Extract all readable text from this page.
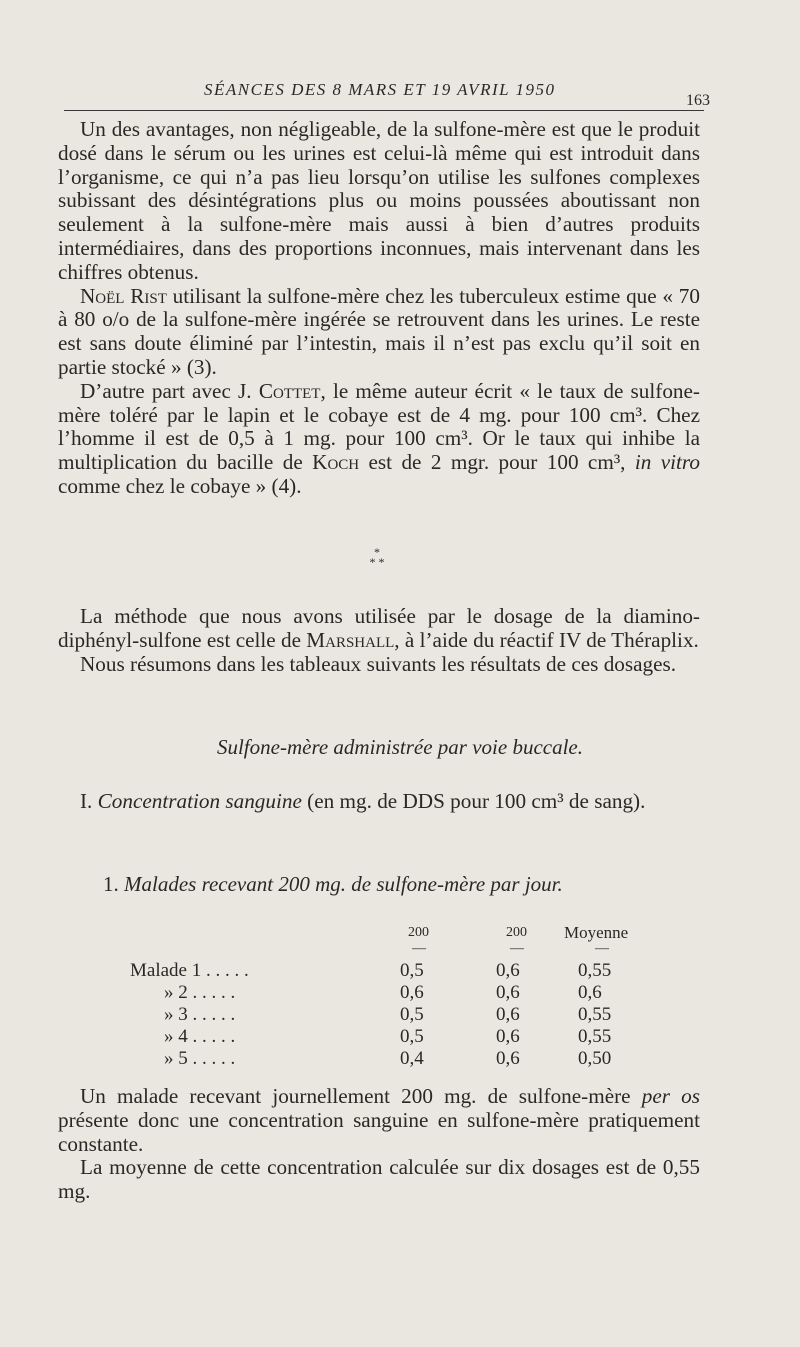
SÉANCES DES 8 MARS ET 19 AVRIL 1950
163

Un des avantages, non négligeable, de la sulfone-mère est que le produit dosé dans le sérum ou les urines est celui-là même qui est introduit dans l’organisme, ce qui n’a pas lieu lorsqu’on utilise les sulfones complexes subissant des désintégrations plus ou moins poussées aboutissant non seulement à la sulfone-mère mais aussi à bien d’autres produits intermédiaires, dans des proportions inconnues, mais intervenant dans les chiffres obtenus.

Noël Rist utilisant la sulfone-mère chez les tuberculeux estime que « 70 à 80 o/o de la sulfone-mère ingérée se retrouvent dans les urines. Le reste est sans doute éliminé par l’intestin, mais il n’est pas exclu qu’il soit en partie stocké » (3).

D’autre part avec J. Cottet, le même auteur écrit « le taux de sulfone-mère toléré par le lapin et le cobaye est de 4 mg. pour 100 cm³. Chez l’homme il est de 0,5 à 1 mg. pour 100 cm³. Or le taux qui inhibe la multiplication du bacille de Koch est de 2 mgr. pour 100 cm³, in vitro comme chez le cobaye » (4).

*
* *

La méthode que nous avons utilisée par le dosage de la diamino-diphényl-sulfone est celle de Marshall, à l’aide du réactif IV de Théraplix.

Nous résumons dans les tableaux suivants les résultats de ces dosages.

Sulfone-mère administrée par voie buccale.

I. Concentration sanguine (en mg. de DDS pour 100 cm³ de sang).

1. Malades recevant 200 mg. de sulfone-mère par jour.
200	200 Moyenne
—	—	—
Malade 1 . . . . .	0,5	0,6	0,55
» 2 . . . . .	0,6	0,6	0,6
» 3 . . . . .	0,5	0,6	0,55
» 4 . . . . .	0,5	0,6	0,55
» 5 . . . . .	0,4	0,6	0,50

Un malade recevant journellement 200 mg. de sulfone-mère per os présente donc une concentration sanguine en sulfone-mère pratiquement constante.

La moyenne de cette concentration calculée sur dix dosages est de 0,55 mg.
